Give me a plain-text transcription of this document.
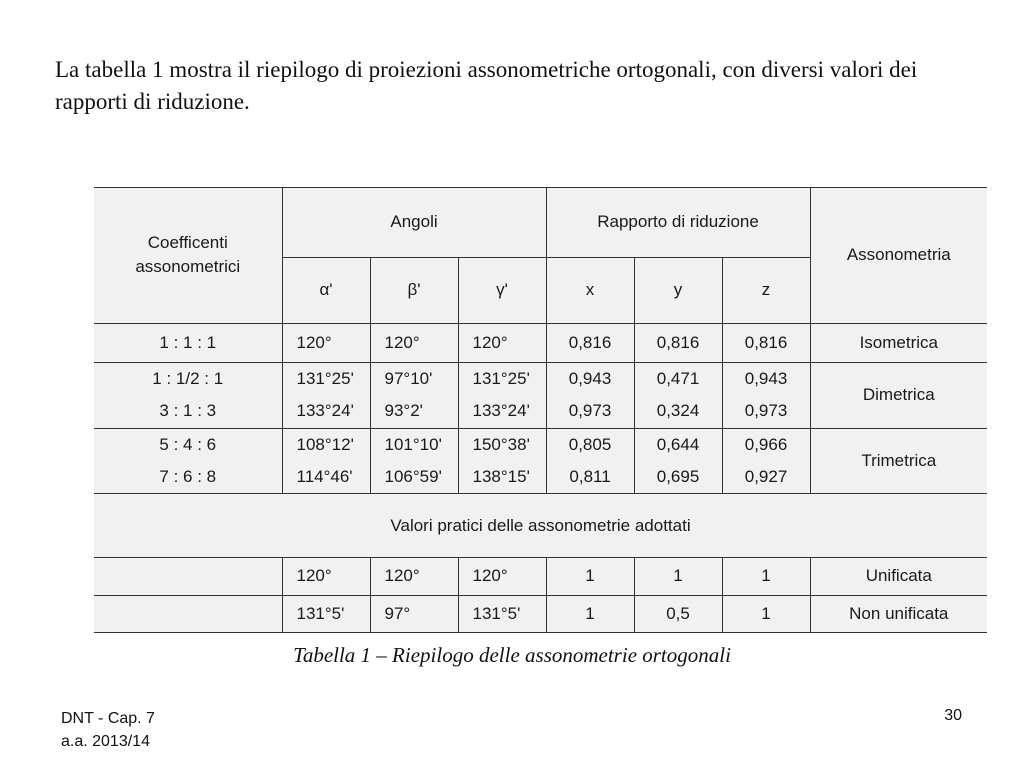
La tabella 1 mostra il riepilogo di proiezioni assonometriche ortogonali, con diversi valori dei rapporti di riduzione.

Coefficenti
assonometrici	Angoli			Rapporto di riduzione			Assonometria
	α'	β'	γ'	x	y	z	
1 : 1 : 1	120°	120°	120°	0,816	0,816	0,816	Isometrica
1 : 1/2 : 1	131°25'	97°10'	131°25'	0,943	0,471	0,943	Dimetrica
3 : 1 : 3	133°24'	93°2'	133°24'	0,973	0,324	0,973	
5 : 4 : 6	108°12'	101°10'	150°38'	0,805	0,644	0,966	Trimetrica
7 : 6 : 8	114°46'	106°59'	138°15'	0,811	0,695	0,927	
Valori pratici delle assonometrie adottati							
	120°	120°	120°	1	1	1	Unificata
	131°5'	97°	131°5'	1	0,5	1	Non unificata

Tabella 1 – Riepilogo delle assonometrie ortogonali

DNT - Cap. 7
a.a. 2013/14
30
